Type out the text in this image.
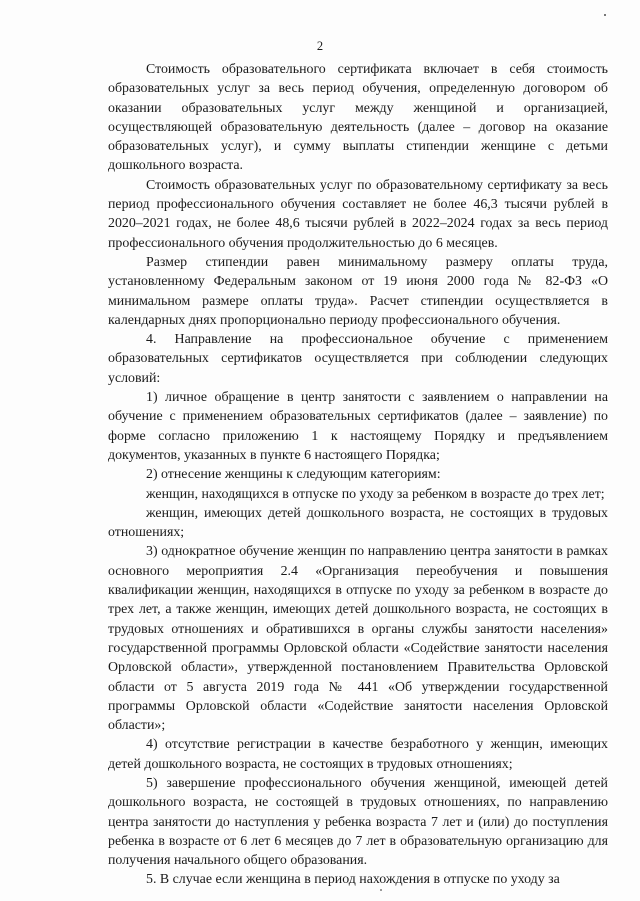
2

Стоимость образовательного сертификата включает в себя стоимость образовательных услуг за весь период обучения, определенную договором об оказании образовательных услуг между женщиной и организацией, осуществляющей образовательную деятельность (далее – договор на оказание образовательных услуг), и сумму выплаты стипендии женщине с детьми дошкольного возраста.

Стоимость образовательных услуг по образовательному сертификату за весь период профессионального обучения составляет не более 46,3 тысячи рублей в 2020–2021 годах, не более 48,6 тысячи рублей в 2022–2024 годах за весь период профессионального обучения продолжительностью до 6 месяцев.

Размер стипендии равен минимальному размеру оплаты труда, установленному Федеральным законом от 19 июня 2000 года № 82-ФЗ «О минимальном размере оплаты труда». Расчет стипендии осуществляется в календарных днях пропорционально периоду профессионального обучения.

4. Направление на профессиональное обучение с применением образовательных сертификатов осуществляется при соблюдении следующих условий:

1) личное обращение в центр занятости с заявлением о направлении на обучение с применением образовательных сертификатов (далее – заявление) по форме согласно приложению 1 к настоящему Порядку и предъявлением документов, указанных в пункте 6 настоящего Порядка;

2) отнесение женщины к следующим категориям:

женщин, находящихся в отпуске по уходу за ребенком в возрасте до трех лет;

женщин, имеющих детей дошкольного возраста, не состоящих в трудовых отношениях;

3) однократное обучение женщин по направлению центра занятости в рамках основного мероприятия 2.4 «Организация переобучения и повышения квалификации женщин, находящихся в отпуске по уходу за ребенком в возрасте до трех лет, а также женщин, имеющих детей дошкольного возраста, не состоящих в трудовых отношениях и обратившихся в органы службы занятости населения» государственной программы Орловской области «Содействие занятости населения Орловской области», утвержденной постановлением Правительства Орловской области от 5 августа 2019 года № 441 «Об утверждении государственной программы Орловской области «Содействие занятости населения Орловской области»;

4) отсутствие регистрации в качестве безработного у женщин, имеющих детей дошкольного возраста, не состоящих в трудовых отношениях;

5) завершение профессионального обучения женщиной, имеющей детей дошкольного возраста, не состоящей в трудовых отношениях, по направлению центра занятости до наступления у ребенка возраста 7 лет и (или) до поступления ребенка в возрасте от 6 лет 6 месяцев до 7 лет в образовательную организацию для получения начального общего образования.

5. В случае если женщина в период нахождения в отпуске по уходу за
